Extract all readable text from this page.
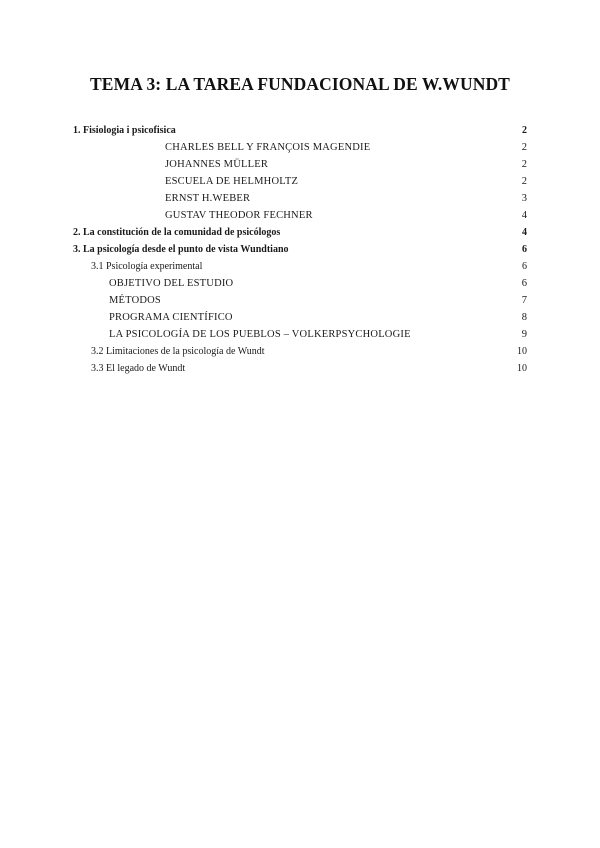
TEMA 3: LA TAREA FUNDACIONAL DE W.WUNDT
1. Fisiologia i psicofisica	2
CHARLES BELL Y FRANÇOIS MAGENDIE	2
JOHANNES MÜLLER	2
ESCUELA DE HELMHOLTZ	2
ERNST H.WEBER	3
GUSTAV THEODOR FECHNER	4
2. La constitución de la comunidad de psicólogos	4
3. La psicología desde el punto de vista Wundtiano	6
3.1 Psicología experimental	6
OBJETIVO DEL ESTUDIO	6
MÉTODOS	7
PROGRAMA CIENTÍFICO	8
LA PSICOLOGÍA DE LOS PUEBLOS – VOLKERPSYCHOLOGIE	9
3.2 Limitaciones de la psicología de Wundt	10
3.3 El legado de Wundt	10
